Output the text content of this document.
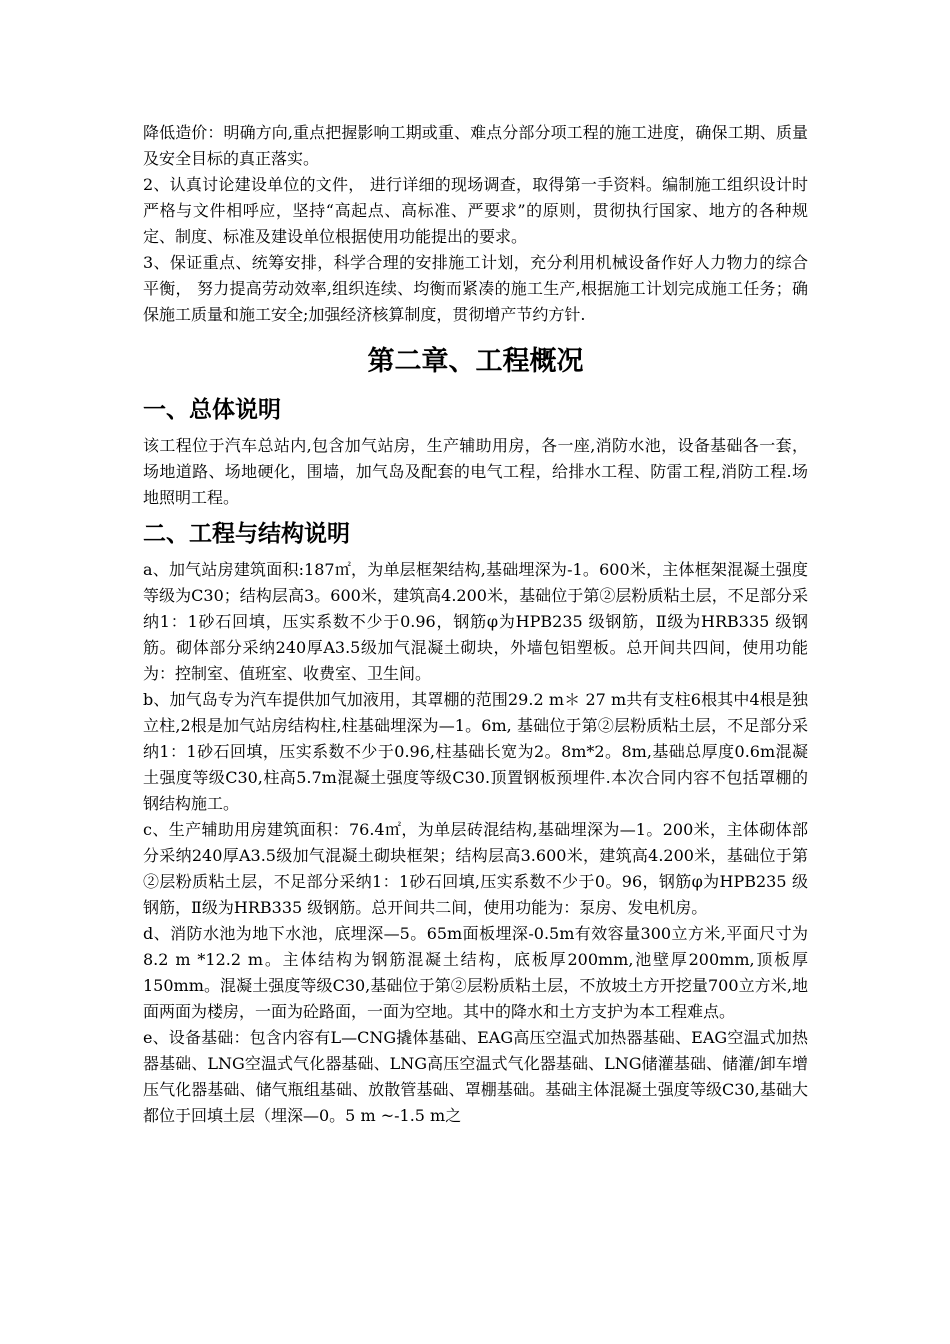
降低造价：明确方向,重点把握影响工期或重、难点分部分项工程的施工进度，确保工期、质量及安全目标的真正落实。

2、认真讨论建设单位的文件， 进行详细的现场调查，取得第一手资料。编制施工组织设计时严格与文件相呼应，坚持“高起点、高标准、严要求”的原则，贯彻执行国家、地方的各种规定、制度、标准及建设单位根据使用功能提出的要求。

3、保证重点、统筹安排，科学合理的安排施工计划，充分利用机械设备作好人力物力的综合平衡， 努力提高劳动效率,组织连续、均衡而紧凑的施工生产,根据施工计划完成施工任务；确保施工质量和施工安全;加强经济核算制度，贯彻增产节约方针.

第二章、工程概况
一、总体说明

该工程位于汽车总站内,包含加气站房，生产辅助用房，各一座,消防水池，设备基础各一套，场地道路、场地硬化，围墙，加气岛及配套的电气工程，给排水工程、防雷工程,消防工程.场地照明工程。

二、工程与结构说明

a、加气站房建筑面积:187㎡，为单层框架结构,基础埋深为-1。600米，主体框架混凝土强度等级为C30；结构层高3。600米，建筑高4.200米，基础位于第②层粉质粘土层，不足部分采纳1：1砂石回填，压实系数不少于0.96，钢筋φ为HPB235 级钢筋，Ⅱ级为HRB335 级钢筋。砌体部分采纳240厚A3.5级加气混凝土砌块，外墙包铝塑板。总开间共四间，使用功能为：控制室、值班室、收费室、卫生间。

b、加气岛专为汽车提供加气加液用，其罩棚的范围29.2 m＊ 27 m共有支柱6根其中4根是独立柱,2根是加气站房结构柱,柱基础埋深为—1。6m, 基础位于第②层粉质粘土层，不足部分采纳1：1砂石回填，压实系数不少于0.96,柱基础长宽为2。8m*2。8m,基础总厚度0.6m混凝土强度等级C30,柱高5.7m混凝土强度等级C30.顶置钢板预埋件.本次合同内容不包括罩棚的钢结构施工。

c、生产辅助用房建筑面积：76.4㎡，为单层砖混结构,基础埋深为—1。200米，主体砌体部分采纳240厚A3.5级加气混凝土砌块框架；结构层高3.600米，建筑高4.200米，基础位于第②层粉质粘土层，不足部分采纳1：1砂石回填,压实系数不少于0。96，钢筋φ为HPB235 级钢筋，Ⅱ级为HRB335 级钢筋。总开间共二间，使用功能为：泵房、发电机房。

d、消防水池为地下水池，底埋深—5。65m面板埋深-0.5m有效容量300立方米,平面尺寸为8.2 m *12.2 m。主体结构为钢筋混凝土结构，底板厚200mm,池壁厚200mm,顶板厚150mm。混凝土强度等级C30,基础位于第②层粉质粘土层，不放坡土方开挖量700立方米,地面两面为楼房，一面为砼路面，一面为空地。其中的降水和土方支护为本工程难点。

e、设备基础：包含内容有L—CNG撬体基础、EAG高压空温式加热器基础、EAG空温式加热器基础、LNG空温式气化器基础、LNG高压空温式气化器基础、LNG储灌基础、储灌/卸车增压气化器基础、储气瓶组基础、放散管基础、罩棚基础。基础主体混凝土强度等级C30,基础大都位于回填土层（埋深—0。5 m ~-1.5 m之
